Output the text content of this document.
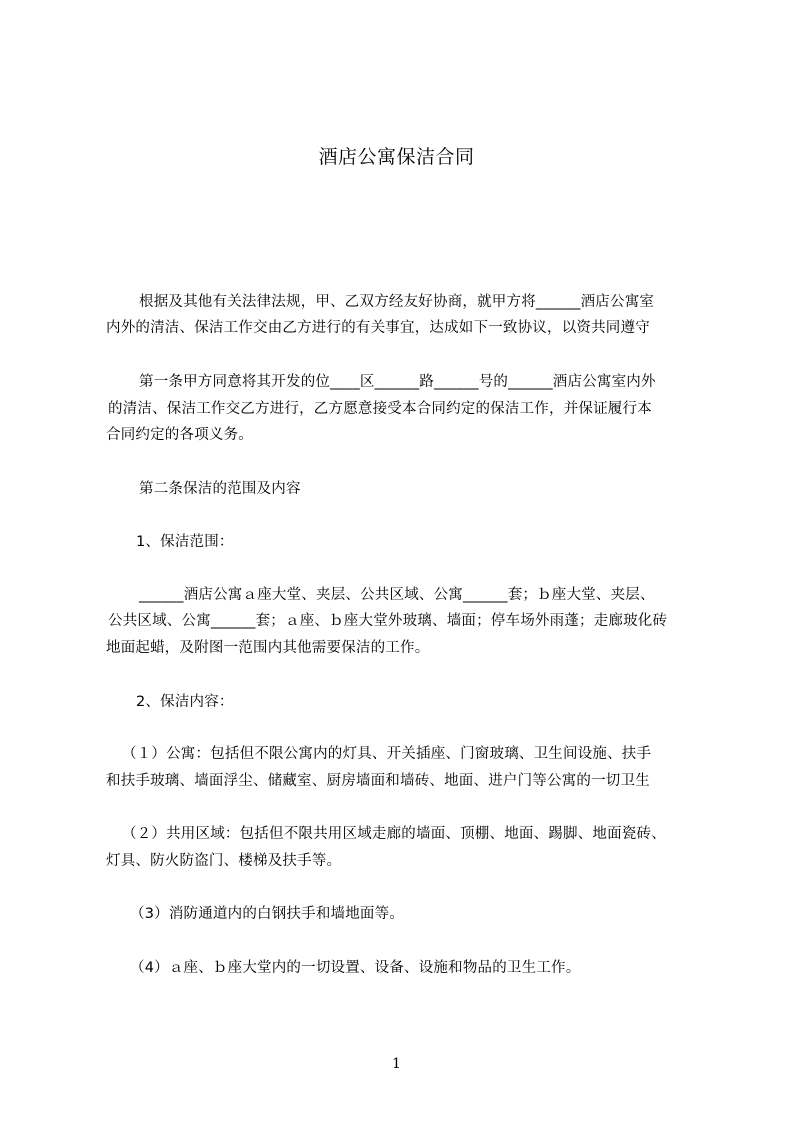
酒店公寓保洁合同
根据及其他有关法律法规，甲、乙双方经友好协商，就甲方将______酒店公寓室
内外的清洁、保洁工作交由乙方进行的有关事宜，达成如下一致协议，以资共同遵守
第一条甲方同意将其开发的位____区______路______号的______酒店公寓室内外
的清洁、保洁工作交乙方进行，乙方愿意接受本合同约定的保洁工作，并保证履行本
合同约定的各项义务。
第二条保洁的范围及内容
1、保洁范围：
______酒店公寓ａ座大堂、夹层、公共区域、公寓______套；ｂ座大堂、夹层、
公共区域、公寓______套；ａ座、ｂ座大堂外玻璃、墙面；停车场外雨蓬；走廊玻化砖
地面起蜡，及附图一范围内其他需要保洁的工作。
2、保洁内容：
（１）公寓：包括但不限公寓内的灯具、开关插座、门窗玻璃、卫生间设施、扶手
和扶手玻璃、墙面浮尘、储藏室、厨房墙面和墙砖、地面、进户门等公寓的一切卫生
（２）共用区域：包括但不限共用区域走廊的墙面、顶棚、地面、踢脚、地面瓷砖、
灯具、防火防盗门、楼梯及扶手等。
（3）消防通道内的白钢扶手和墙地面等。
（4）ａ座、ｂ座大堂内的一切设置、设备、设施和物品的卫生工作。
1
